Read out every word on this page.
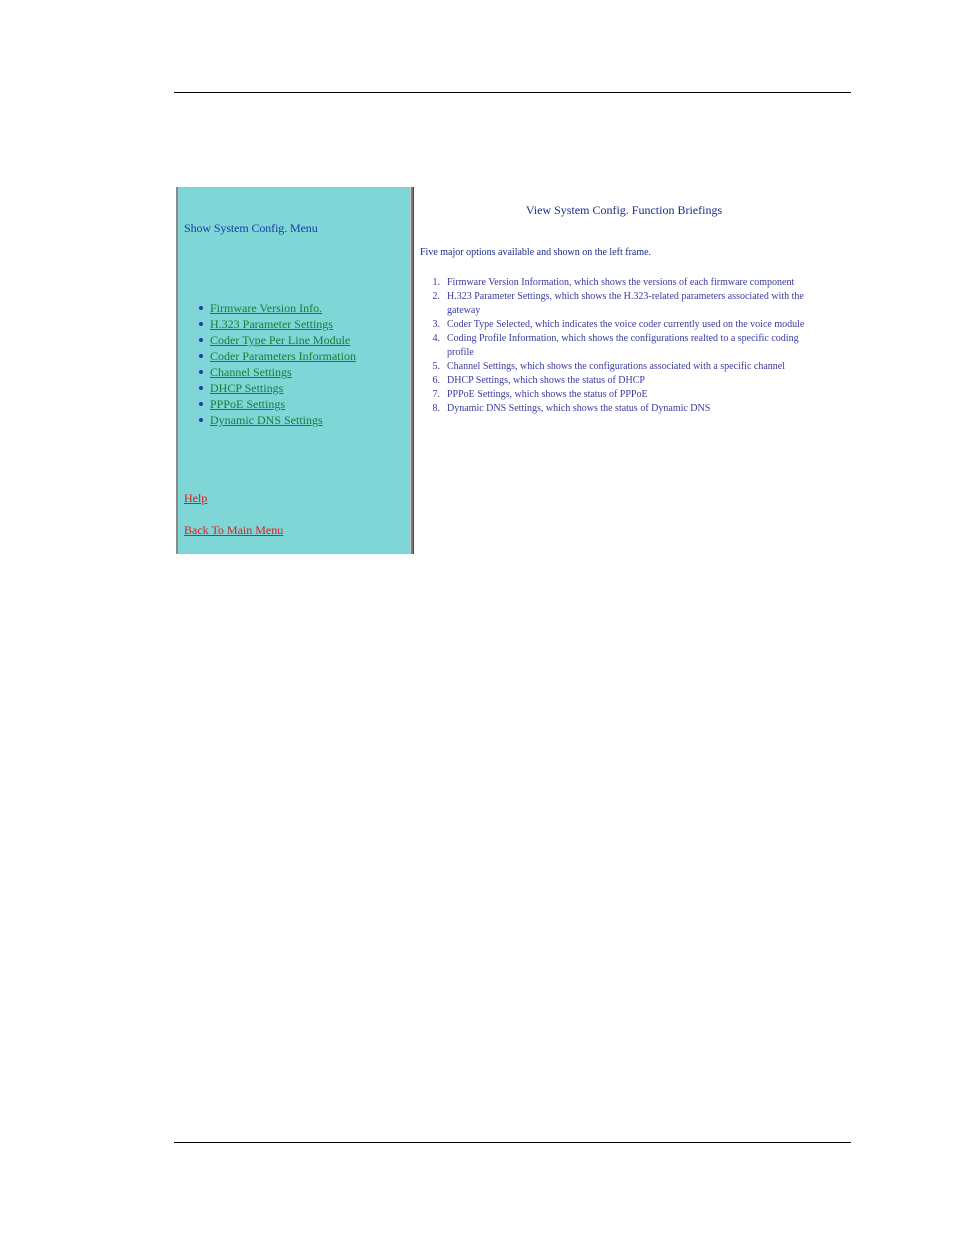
Show System Config. Menu
Firmware Version Info.
H.323 Parameter Settings
Coder Type Per Line Module
Coder Parameters Information
Channel Settings
DHCP Settings
PPPoE Settings
Dynamic DNS Settings
Help
Back To Main Menu
View System Config. Function Briefings
Five major options available and shown on the left frame.
1. Firmware Version Information, which shows the versions of each firmware component
2. H.323 Parameter Settings, which shows the H.323-related parameters associated with the gateway
3. Coder Type Selected, which indicates the voice coder currently used on the voice module
4. Coding Profile Information, which shows the configurations realted to a specific coding profile
5. Channel Settings, which shows the configurations associated with a specific channel
6. DHCP Settings, which shows the status of DHCP
7. PPPoE Settings, which shows the status of PPPoE
8. Dynamic DNS Settings, which shows the status of Dynamic DNS
